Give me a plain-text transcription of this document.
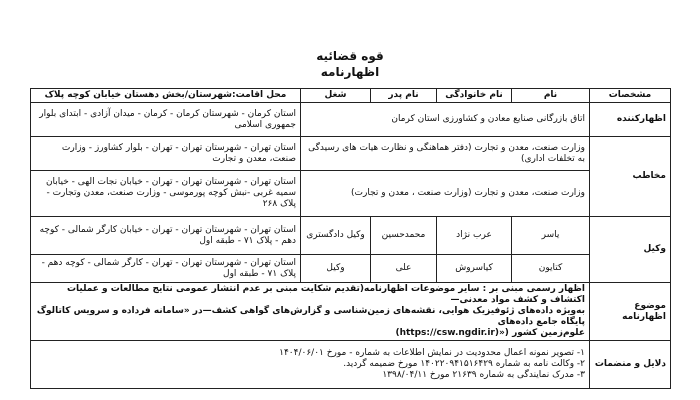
قوه قضائیه
اظهارنامه
مشخصات	نام	نام خانوادگی	نام پدر	شغل	محل اقامت:شهرستان/بخش دهستان خیابان کوچه پلاک
اظهارکننده	اتاق بازرگانی صنایع معادن و کشاورزی استان کرمان				استان کرمان - شهرستان کرمان - کرمان - میدان آزادی - ابتدای بلوار جمهوری اسلامی
مخاطب	وزارت صنعت، معدن و تجارت (دفتر هماهنگی و نظارت هیات های رسیدگی به تخلفات اداری)				استان تهران - شهرستان تهران - تهران - بلوار کشاورز - وزارت صنعت، معدن و تجارت
	وزارت صنعت، معدن و تجارت (وزارت صنعت ، معدن و تجارت)				استان تهران - شهرستان تهران - تهران - خیابان نجات الهی - خیابان سمیه غربی -نبش کوچه پورموسی - وزارت صنعت، معدن وتجارت - پلاک ۲۶۸
وکیل	یاسر	عرب نژاد	محمدحسین	وکیل دادگستری	استان تهران - شهرستان تهران - تهران - خیابان کارگر شمالی - کوچه دهم - پلاک ۷۱ - طبقه اول
	کتایون	کیاسروش	علی	وکیل	استان تهران - شهرستان تهران - تهران - کارگر شمالی - کوچه دهم - پلاک ۷۱ - طبقه اول
موضوع اظهارنامه	اظهار رسمی مبنی بر : سایر موضوعات اظهارنامه(تقدیم شکایت مبنی بر عدم انتشار عمومی نتایج مطالعات و عملیات اکتشاف و کشف مواد معدنی—
به‌ویژه داده‌های ژئوفیزیک هوایی، نقشه‌های زمین‌شناسی و گزارش‌های گواهی کشف—در «سامانه فرداده و سرویس کاتالوگ پایگاه جامع داده‌های
علوم‌زمین کشور (https://csw.ngdir.ir)»)				

دلایل و منضمات	۱- تصویر نمونه اعمال محدودیت در نمایش اطلاعات به شماره - مورخ ۱۴۰۴/۰۶/۰۱
۲- وکالت نامه به شماره ۱۴۰۲۲۰۹۴۱۵۱۶۴۲۹ مورخ ضمیمه گردید.
۳- مدرک نمایندگی به شماره ۲۱۶۳۹ مورخ ۱۳۹۸/۰۴/۱۱				
